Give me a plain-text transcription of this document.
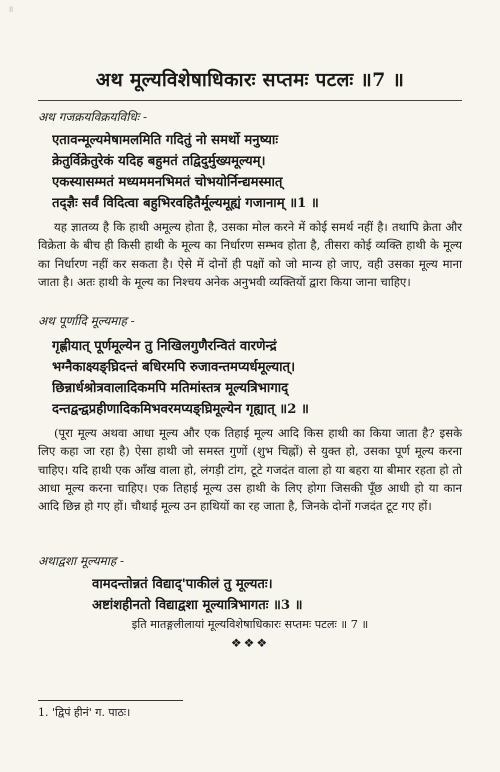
॥
अथ मूल्यविशेषाधिकारः सप्तमः पटलः ॥7 ॥
अथ गजक्रयविक्रयविधिः -
एतावन्मूल्यमेषामलमिति गदितुं नो समर्थो मनुष्याः
क्रेतुर्विक्रेतुरेकं यदिह बहुमतं तद्विदुर्मुख्यमूल्यम्।
एकस्यासम्मतं मध्यममनभिमतं चोभयोर्निन्द्यमस्मात्
तद्ज्ञैः सर्वं विदित्वा बहुभिरवहितैर्मूल्यमूह्यं गजानाम् ॥1 ॥

यह ज्ञातव्य है कि हाथी अमूल्य होता है, उसका मोल करने में कोई समर्थ नहीं है। तथापि क्रेता और विक्रेता के बीच ही किसी हाथी के मूल्य का निर्धारण सम्भव होता है, तीसरा कोई व्यक्ति हाथी के मूल्य का निर्धारण नहीं कर सकता है। ऐसे में दोनों ही पक्षों को जो मान्य हो जाए, वही उसका मूल्य माना जाता है। अतः हाथी के मूल्य का निश्चय अनेक अनुभवी व्यक्तियों द्वारा किया जाना चाहिए।

अथ पूर्णादि मूल्यमाह -
गृह्णीयात् पूर्णमूल्येन तु निखिलगुणैरन्वितं वारणेन्द्रं
भग्नैकाक्ष्यङ्घ्रिदन्तं बधिरमपि रुजावन्तमप्यर्धमूल्यात्।
छिन्नार्धश्रोत्रवालादिकमपि मतिमांस्तत्र मूल्यत्रिभागाद्
दन्तद्वन्द्वप्रहीणादिकमिभवरमप्यङ्घ्रिमूल्येन गृह्यात् ॥2 ॥

(पूरा मूल्य अथवा आधा मूल्य और एक तिहाई मूल्य आदि किस हाथी का किया जाता है? इसके लिए कहा जा रहा है) ऐसा हाथी जो समस्त गुणों (शुभ चिह्नों) से युक्त हो, उसका पूर्ण मूल्य करना चाहिए। यदि हाथी एक आँख वाला हो, लंगड़ी टांग, टूटे गजदंत वाला हो या बहरा या बीमार रहता हो तो आधा मूल्य करना चाहिए। एक तिहाई मूल्य उस हाथी के लिए होगा जिसकी पूँछ आधी हो या कान आदि छिन्न हो गए हों। चौथाई मूल्य उन हाथियों का रह जाता है, जिनके दोनों गजदंत टूट गए हों।

अथाद्वशा मूल्यमाह -
वामदन्तोन्नतं विद्याद्'पाकीलं तु मूल्यतः।
अष्टांशहीनतो विद्याद्वशा मूल्यात्रिभागतः ॥3 ॥
इति मातङ्गलीलायां मूल्यविशेषाधिकारः सप्तमः पटलः ॥ 7 ॥
❖❖❖
1. 'द्विपं हीनं' ग. पाठः।
